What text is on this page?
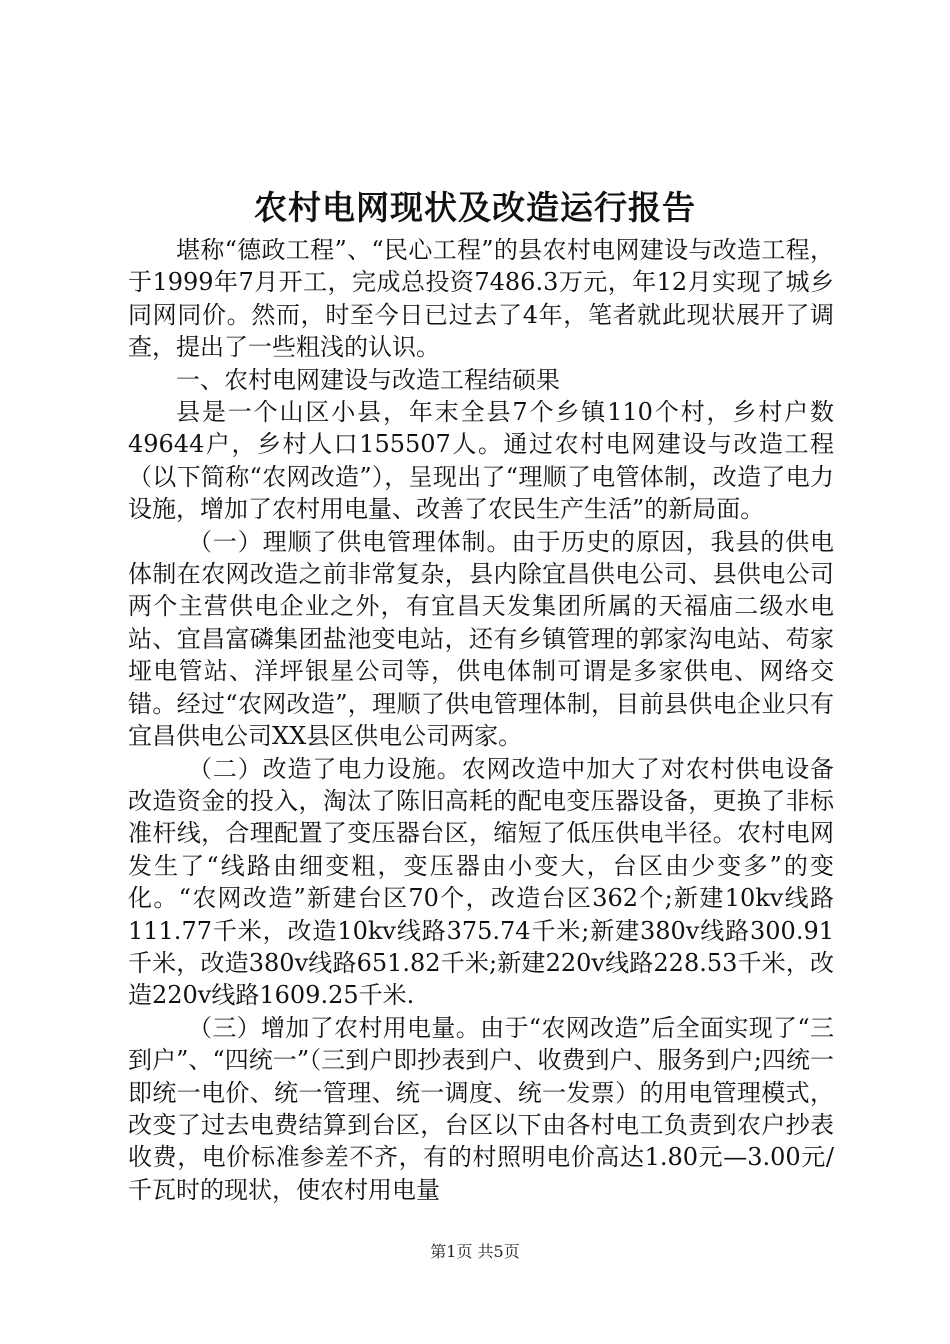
农村电网现状及改造运行报告

堪称“德政工程”、“民心工程”的县农村电网建设与改造工程，于1999年7月开工，完成总投资7486.3万元，年12月实现了城乡同网同价。然而，时至今日已过去了4年，笔者就此现状展开了调查，提出了一些粗浅的认识。

一、农村电网建设与改造工程结硕果

县是一个山区小县，年末全县7个乡镇110个村，乡村户数49644户，乡村人口155507人。通过农村电网建设与改造工程（以下简称“农网改造”），呈现出了“理顺了电管体制，改造了电力设施，增加了农村用电量、改善了农民生产生活”的新局面。

（一）理顺了供电管理体制。由于历史的原因，我县的供电体制在农网改造之前非常复杂，县内除宜昌供电公司、县供电公司两个主营供电企业之外，有宜昌天发集团所属的天福庙二级水电站、宜昌富磷集团盐池变电站，还有乡镇管理的郭家沟电站、苟家垭电管站、洋坪银星公司等，供电体制可谓是多家供电、网络交错。经过“农网改造”，理顺了供电管理体制，目前县供电企业只有宜昌供电公司XX县区供电公司两家。

（二）改造了电力设施。农网改造中加大了对农村供电设备改造资金的投入，淘汰了陈旧高耗的配电变压器设备，更换了非标准杆线，合理配置了变压器台区，缩短了低压供电半径。农村电网发生了“线路由细变粗，变压器由小变大，台区由少变多”的变化。“农网改造”新建台区70个，改造台区362个;新建10kv线路111.77千米，改造10kv线路375.74千米;新建380v线路300.91千米，改造380v线路651.82千米;新建220v线路228.53千米，改造220v线路1609.25千米.

（三）增加了农村用电量。由于“农网改造”后全面实现了“三到户”、“四统一”（三到户即抄表到户、收费到户、服务到户;四统一即统一电价、统一管理、统一调度、统一发票）的用电管理模式，改变了过去电费结算到台区，台区以下由各村电工负责到农户抄表收费，电价标准参差不齐，有的村照明电价高达1.80元—3.00元/千瓦时的现状，使农村用电量

第1页 共5页
